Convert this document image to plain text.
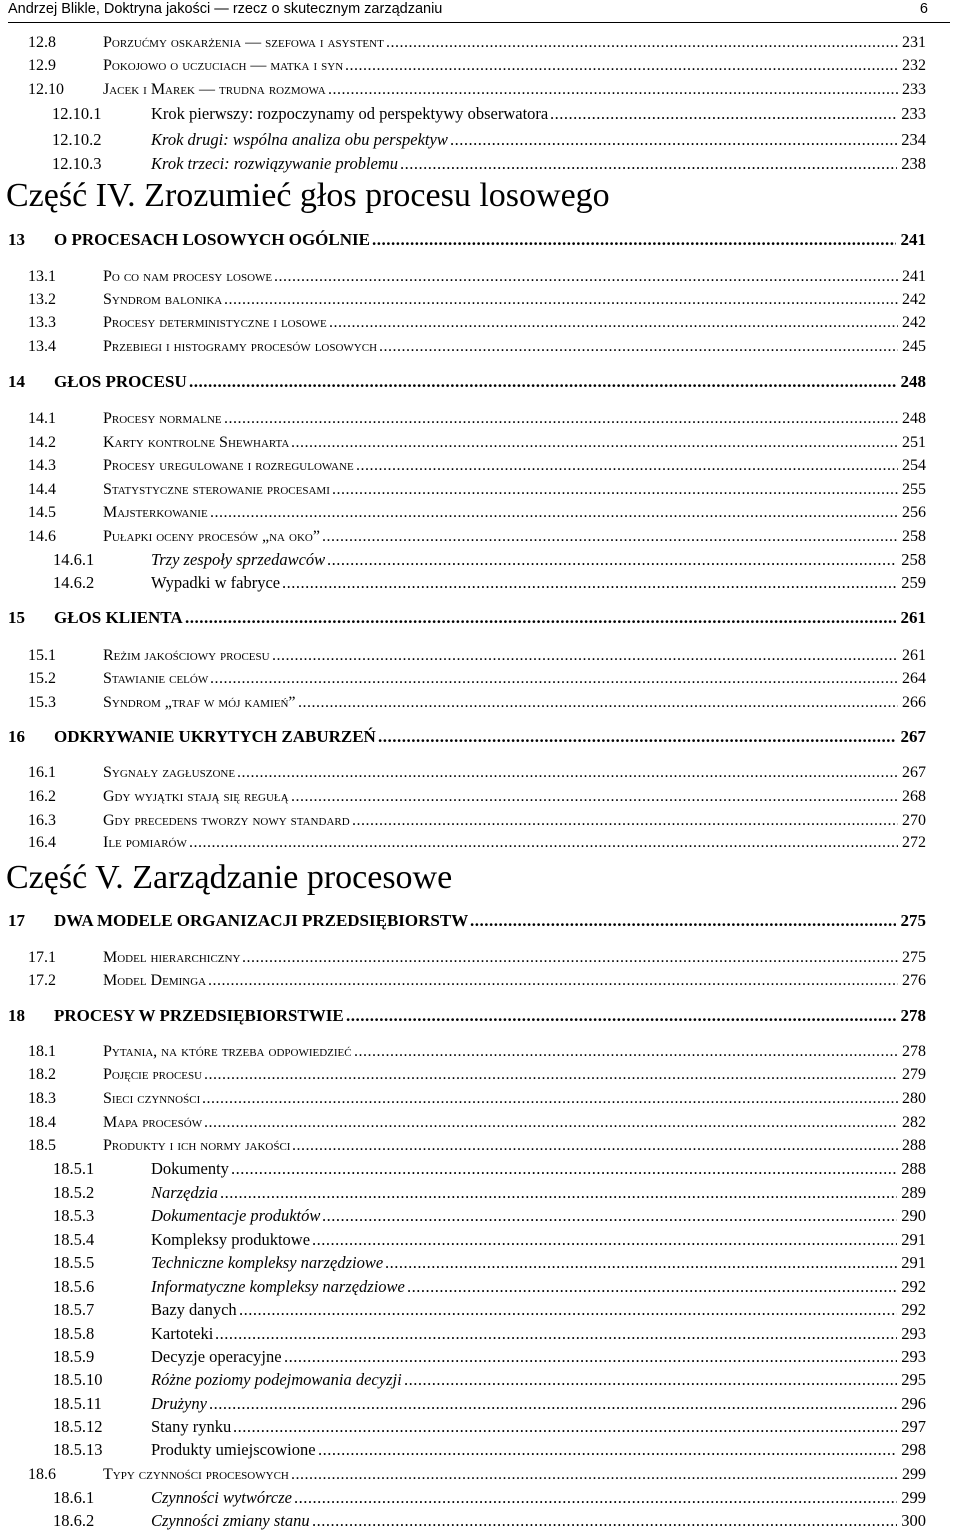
Andrzej Blikle, Doktryna jakości — rzecz o skutecznym zarządzaniu	6
12.8	Porzućmy oskarżenia — szefowa i asystent .....	231
12.9	Pokojowo o uczuciach — matka i syn .....	232
12.10 Jacek i Marek — trudna rozmowa .....	233
12.10.1	Krok pierwszy: rozpoczynamy od perspektywy obserwatora .....	233
12.10.2	Krok drugi: wspólna analiza obu perspektyw .....	234
12.10.3	Krok trzeci: rozwiązywanie problemu .....	238
13 O PROCESACH LOSOWYCH OGÓLNIE .....	241
13.1	Po co nam procesy losowe .....	241
13.2	Syndrom balonika .....	242
13.3	Procesy deterministyczne i losowe .....	242
13.4	Przebiegi i histogramy procesów losowych .....	245
14 GŁOS PROCESU .....	248
14.1	Procesy normalne .....	248
14.2	Karty kontrolne Shewharta .....	251
14.3	Procesy uregulowane i rozregulowane .....	254
14.4	Statystyczne sterowanie procesami .....	255
14.5	Majsterkowanie .....	256
14.6	Pułapki oceny procesów „na oko” .....	258
14.6.1	Trzy zespoły sprzedawców .....	258
14.6.2	Wypadki w fabryce .....	259
15 GŁOS KLIENTA .....	261
15.1	Reżim jakościowy procesu .....	261
15.2	Stawianie celów .....	264
15.3	Syndrom „traf w mój kamień” .....	266
16 ODKRYWANIE UKRYTYCH ZABURZEŃ .....	267
16.1	Sygnały zagłuszone .....	267
16.2	Gdy wyjątki stają się regułą .....	268
16.3	Gdy precedens tworzy nowy standard .....	270
16.4	Ile pomiarów .....	272
17 DWA MODELE ORGANIZACJI PRZEDSIĘBIORSTW .....	275
17.1	Model hierarchiczny .....	275
17.2	Model Deminga .....	276
18 PROCESY W PRZEDSIĘBIORSTWIE .....	278
18.1	Pytania, na które trzeba odpowiedzieć .....	278
18.2	Pojęcie procesu .....	279
18.3	Sieci czynności .....	280
18.4	Mapa procesów .....	282
18.5	Produkty i ich normy jakości .....	288
18.5.1	Dokumenty .....	288
18.5.2	Narzędzia .....	289
18.5.3	Dokumentacje produktów .....	290
18.5.4	Kompleksy produktowe .....	291
18.5.5	Techniczne kompleksy narzędziowe .....	291
18.5.6	Informatyczne kompleksy narzędziowe .....	292
18.5.7	Bazy danych .....	292
18.5.8	Kartoteki .....	293
18.5.9	Decyzje operacyjne .....	293
18.5.10	Różne poziomy podejmowania decyzji .....	295
18.5.11	Drużyny .....	296
18.5.12	Stany rynku .....	297
18.5.13	Produkty umiejscowione .....	298
18.6	Typy czynności procesowych .....	299
18.6.1	Czynności wytwórcze .....	299
18.6.2	Czynności zmiany stanu .....	300
Część IV. Zrozumieć głos procesu losowego
Część V. Zarządzanie procesowe
